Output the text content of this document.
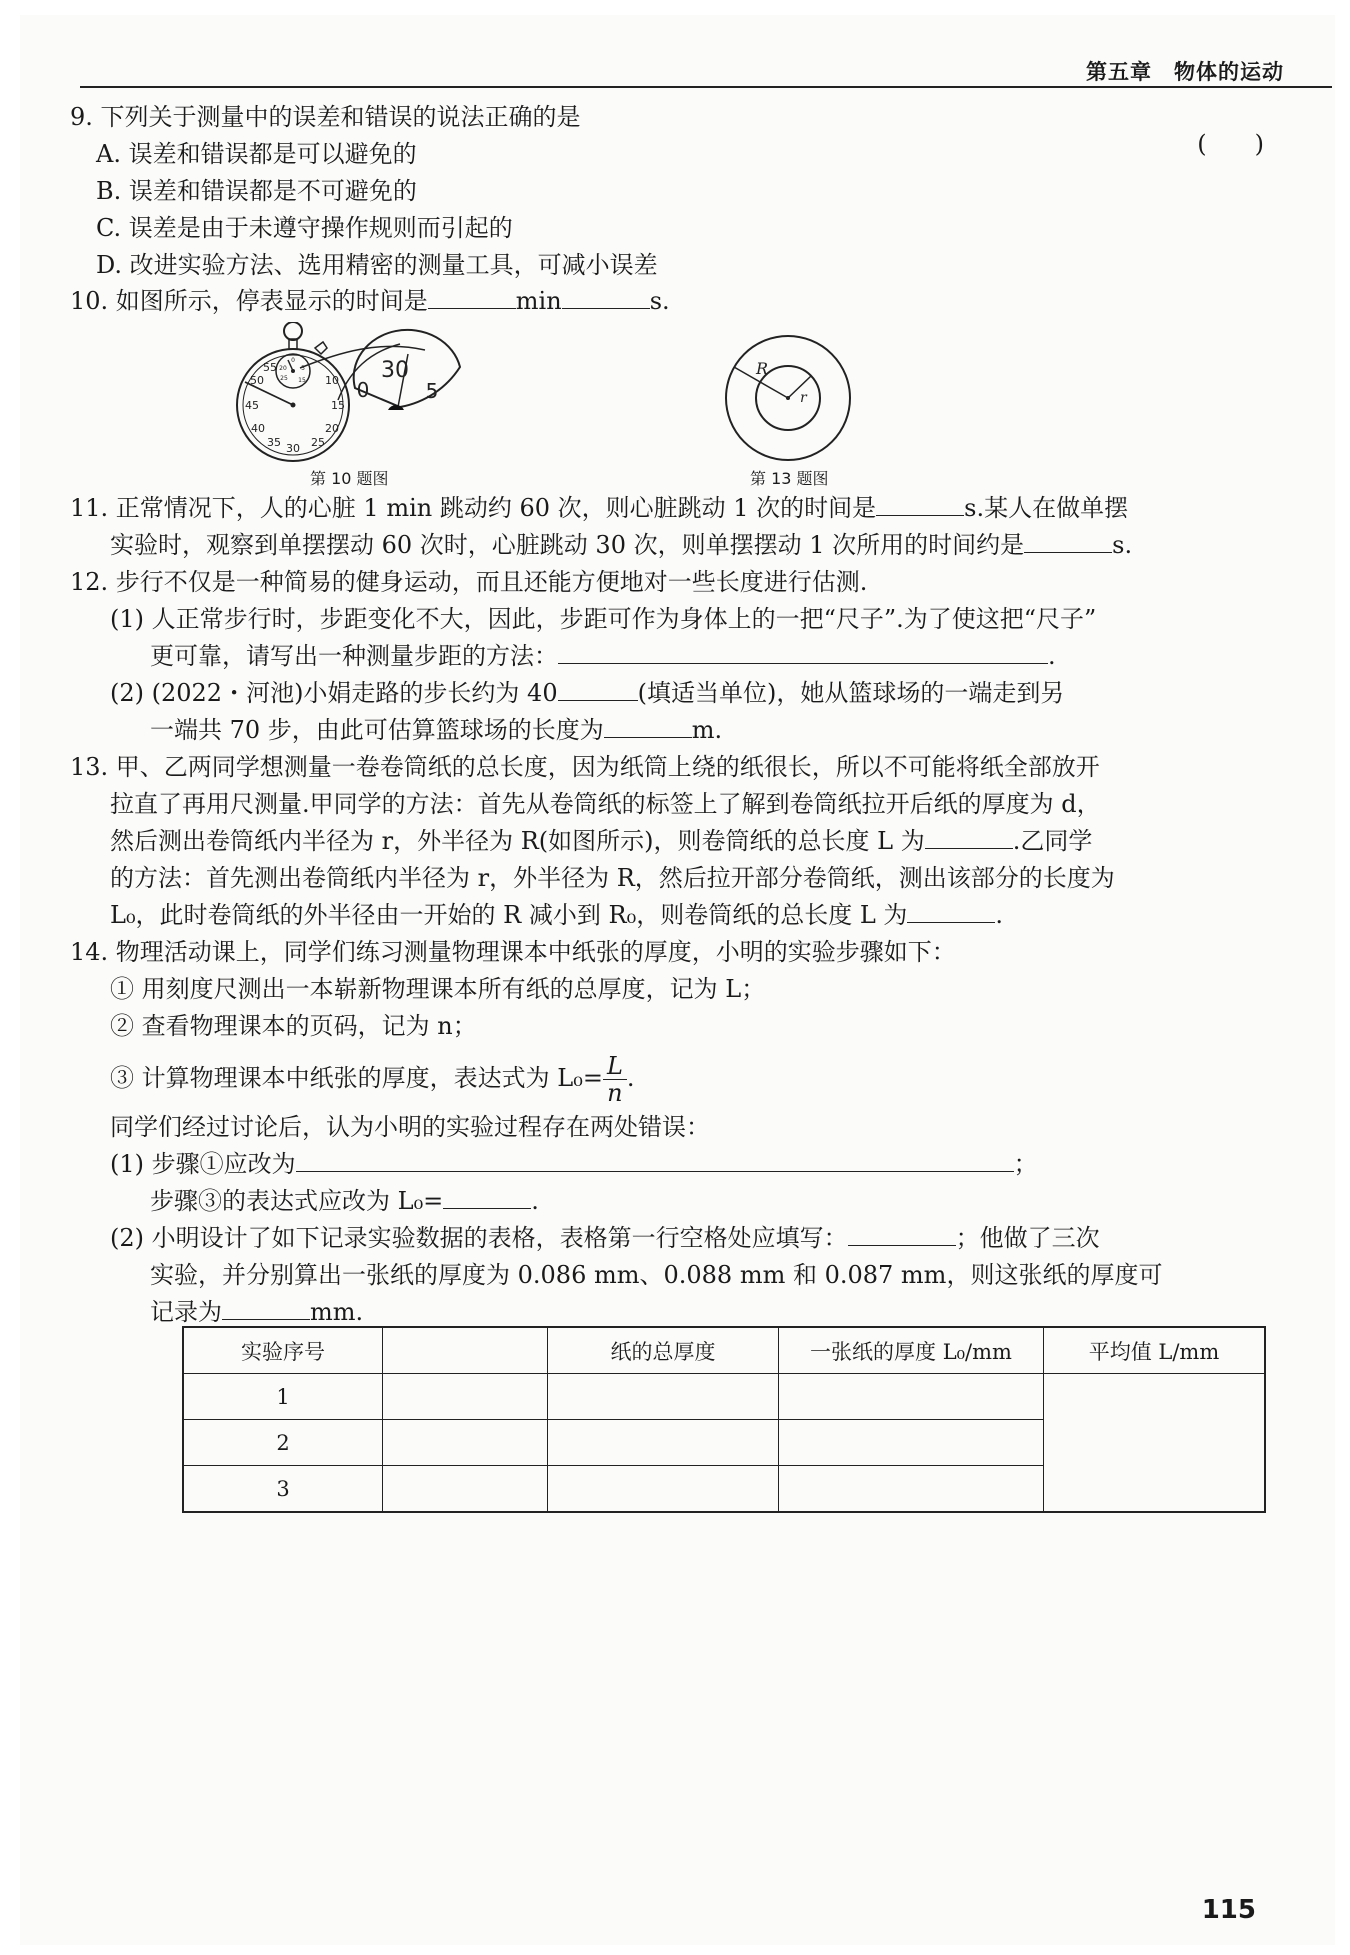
第五章　物体的运动
9. 下列关于测量中的误差和错误的说法正确的是
(　　)
A. 误差和错误都是可以避免的
B. 误差和错误都是不可避免的
C. 误差是由于未遵守操作规则而引起的
D. 改进实验方法、选用精密的测量工具，可减小误差
10. 如图所示，停表显示的时间是	min	s.
55
50
45
40
35 30 25
20
15
10
0
20
25
5
15	30
0	5
第 10 题图
R
r
第 13 题图
11. 正常情况下，人的心脏 1 min 跳动约 60 次，则心脏跳动 1 次的时间是	s.某人在做单摆
实验时，观察到单摆摆动 60 次时，心脏跳动 30 次，则单摆摆动 1 次所用的时间约是	s.
12. 步行不仅是一种简易的健身运动，而且还能方便地对一些长度进行估测.
(1) 人正常步行时，步距变化不大，因此，步距可作为身体上的一把“尺子”.为了使这把“尺子”
更可靠，请写出一种测量步距的方法：	.
(2) (2022・河池)小娟走路的步长约为 40	(填适当单位)，她从篮球场的一端走到另
一端共 70 步，由此可估算篮球场的长度为	m.
13. 甲、乙两同学想测量一卷卷筒纸的总长度，因为纸筒上绕的纸很长，所以不可能将纸全部放开
拉直了再用尺测量.甲同学的方法：首先从卷筒纸的标签上了解到卷筒纸拉开后纸的厚度为 d，
然后测出卷筒纸内半径为 r，外半径为 R(如图所示)，则卷筒纸的总长度 L 为	.乙同学
的方法：首先测出卷筒纸内半径为 r，外半径为 R，然后拉开部分卷筒纸，测出该部分的长度为
L₀，此时卷筒纸的外半径由一开始的 R 减小到 R₀，则卷筒纸的总长度 L 为	.
14. 物理活动课上，同学们练习测量物理课本中纸张的厚度，小明的实验步骤如下：
① 用刻度尺测出一本崭新物理课本所有纸的总厚度，记为 L；
② 查看物理课本的页码，记为 n；
③ 计算物理课本中纸张的厚度，表达式为 $L_0= \frac{L}{n}$ .
同学们经过讨论后，认为小明的实验过程存在两处错误：
(1) 步骤①应改为	；
步骤③的表达式应改为 L₀=	.
(2) 小明设计了如下记录实验数据的表格，表格第一行空格处应填写：	；他做了三次
实验，并分别算出一张纸的厚度为 0.086 mm、0.088 mm 和 0.087 mm，则这张纸的厚度可
记录为	mm.
实验序号		纸的总厚度	一张纸的厚度 L₀/mm	平均值 L/mm
1				
2				
3				
115
